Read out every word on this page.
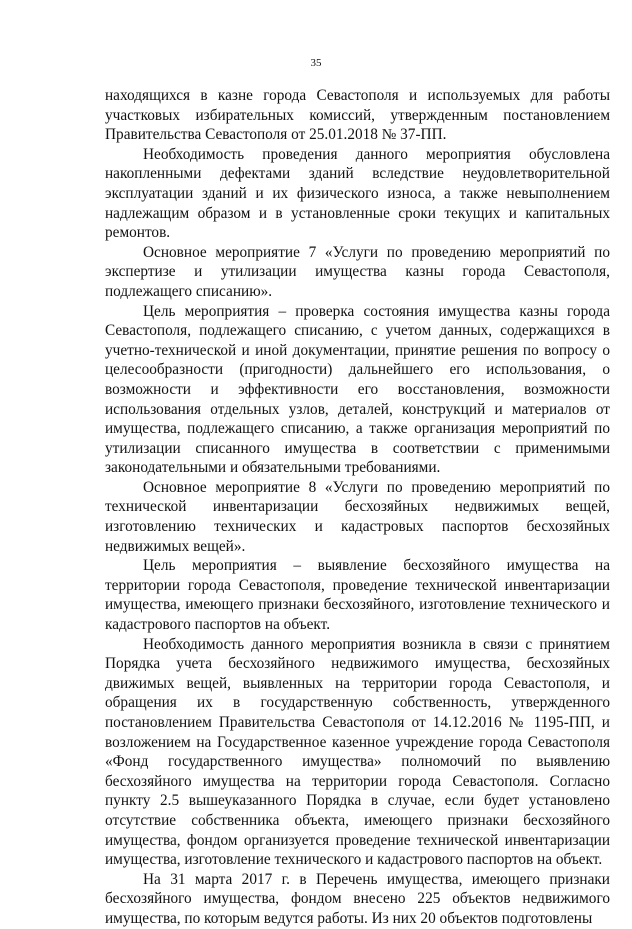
35

находящихся в казне города Севастополя и используемых для работы участковых избирательных комиссий, утвержденным постановлением Правительства Севастополя от 25.01.2018 № 37-ПП.

Необходимость проведения данного мероприятия обусловлена накопленными дефектами зданий вследствие неудовлетворительной эксплуатации зданий и их физического износа, а также невыполнением надлежащим образом и в установленные сроки текущих и капитальных ремонтов.

Основное мероприятие 7 «Услуги по проведению мероприятий по экспертизе и утилизации имущества казны города Севастополя, подлежащего списанию».

Цель мероприятия – проверка состояния имущества казны города Севастополя, подлежащего списанию, с учетом данных, содержащихся в учетно-технической и иной документации, принятие решения по вопросу о целесообразности (пригодности) дальнейшего его использования, о возможности и эффективности его восстановления, возможности использования отдельных узлов, деталей, конструкций и материалов от имущества, подлежащего списанию, а также организация мероприятий по утилизации списанного имущества в соответствии с применимыми законодательными и обязательными требованиями.

Основное мероприятие 8 «Услуги по проведению мероприятий по технической инвентаризации бесхозяйных недвижимых вещей, изготовлению технических и кадастровых паспортов бесхозяйных недвижимых вещей».

Цель мероприятия – выявление бесхозяйного имущества на территории города Севастополя, проведение технической инвентаризации имущества, имеющего признаки бесхозяйного, изготовление технического и кадастрового паспортов на объект.

Необходимость данного мероприятия возникла в связи с принятием Порядка учета бесхозяйного недвижимого имущества, бесхозяйных движимых вещей, выявленных на территории города Севастополя, и обращения их в государственную собственность, утвержденного постановлением Правительства Севастополя от 14.12.2016 № 1195-ПП, и возложением на Государственное казенное учреждение города Севастополя «Фонд государственного имущества» полномочий по выявлению бесхозяйного имущества на территории города Севастополя. Согласно пункту 2.5 вышеуказанного Порядка в случае, если будет установлено отсутствие собственника объекта, имеющего признаки бесхозяйного имущества, фондом организуется проведение технической инвентаризации имущества, изготовление технического и кадастрового паспортов на объект.

На 31 марта 2017 г. в Перечень имущества, имеющего признаки бесхозяйного имущества, фондом внесено 225 объектов недвижимого имущества, по которым ведутся работы. Из них 20 объектов подготовлены
